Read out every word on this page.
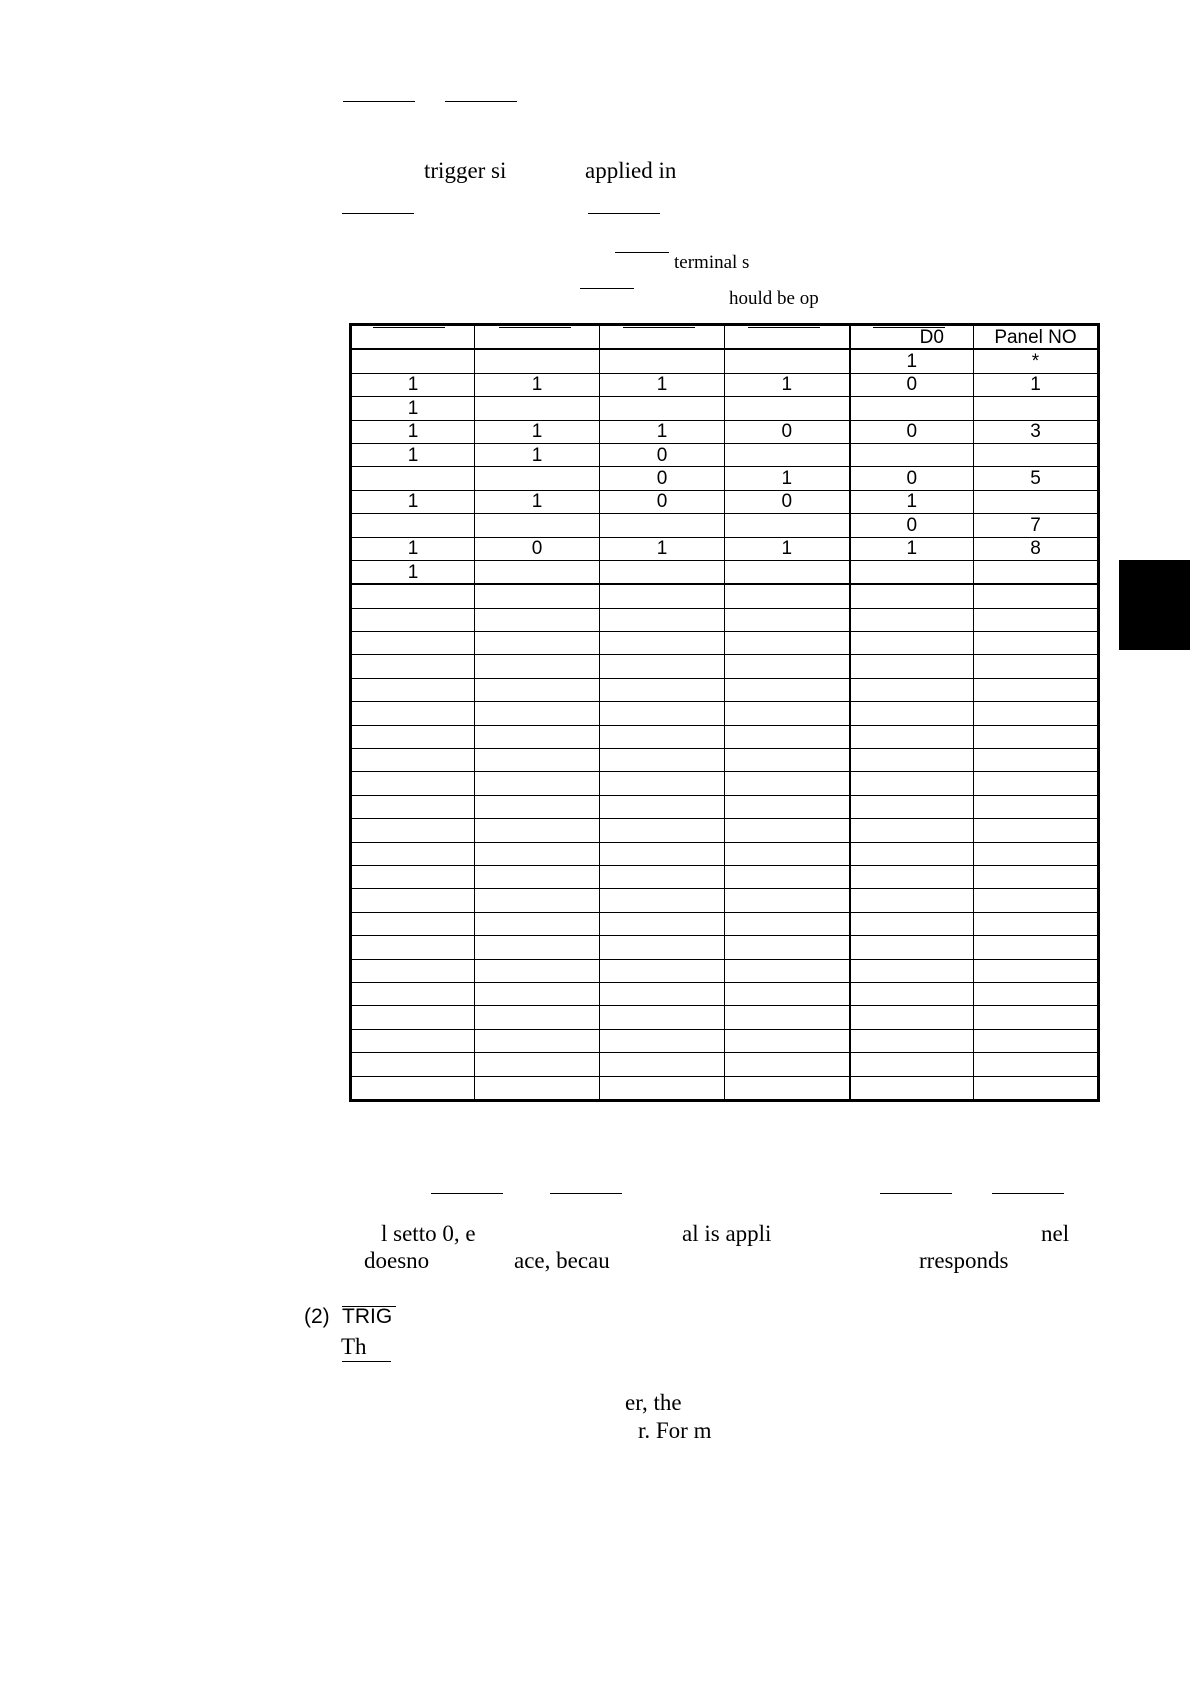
trigger si	applied in
terminal s
hould be op
				D0	Panel NO
				1	*
1	1	1	1	0	1
1					
1	1	1	0	0	3
1	1	0			
		0	1	0	5
1	1	0	0	1	
				0	7
1	0	1	1	1	8
1					

l setto 0, e	al is appli	nel
doesno	ace, becau	rresponds
(2) TRIG
Th
er, the
r. For m
